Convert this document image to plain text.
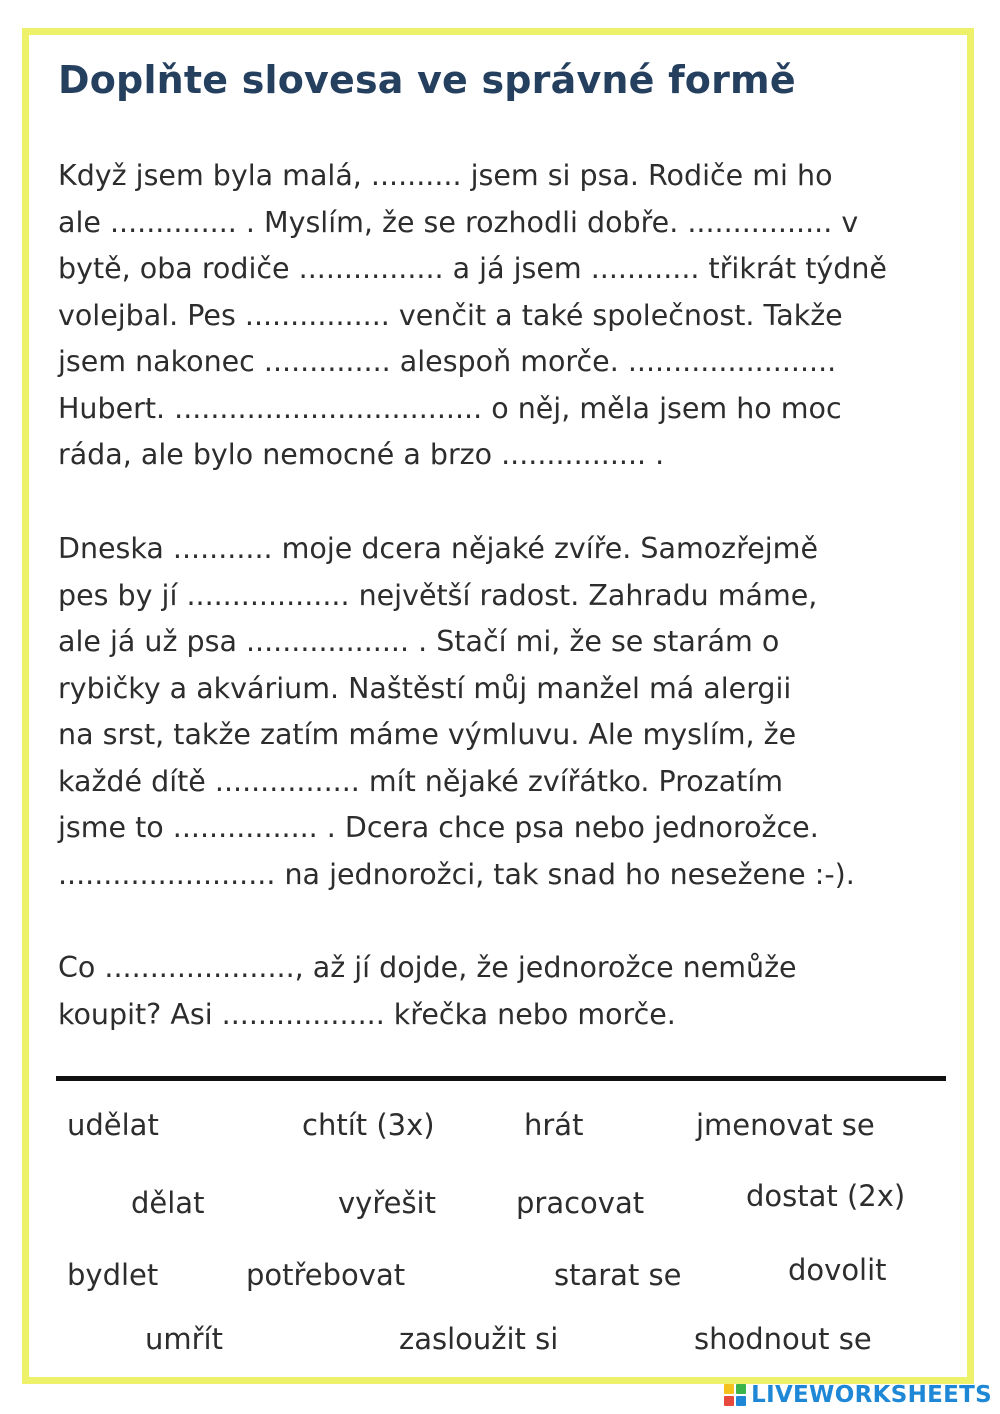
Doplňte slovesa ve správné formě

Když jsem byla malá, .......... jsem si psa. Rodiče mi ho
ale .............. . Myslím, že se rozhodli dobře. ................ v
bytě, oba rodiče ................ a já jsem ............ třikrát týdně
volejbal. Pes ................ venčit a také společnost. Takže
jsem nakonec .............. alespoň morče. .......................
Hubert. .................................. o něj, měla jsem ho moc
ráda, ale bylo nemocné a brzo ................ .

Dneska ........... moje dcera nějaké zvíře. Samozřejmě
pes by jí .................. největší radost. Zahradu máme,
ale já už psa .................. . Stačí mi, že se starám o
rybičky a akvárium. Naštěstí můj manžel má alergii
na srst, takže zatím máme výmluvu. Ale myslím, že
každé dítě ................ mít nějaké zvířátko. Prozatím
jsme to ................ . Dcera chce psa nebo jednorožce.
........................ na jednorožci, tak snad ho nesežene :-).

Co ....................., až jí dojde, že jednorožce nemůže
koupit? Asi .................. křečka nebo morče.

udělat	chtít (3x)	hrát	jmenovat se
dělat	vyřešit	pracovat	dostat (2x)
bydlet	potřebovat	starat se	dovolit
umřít	zasloužit si	shodnout se
LIVEWORKSHEETS
